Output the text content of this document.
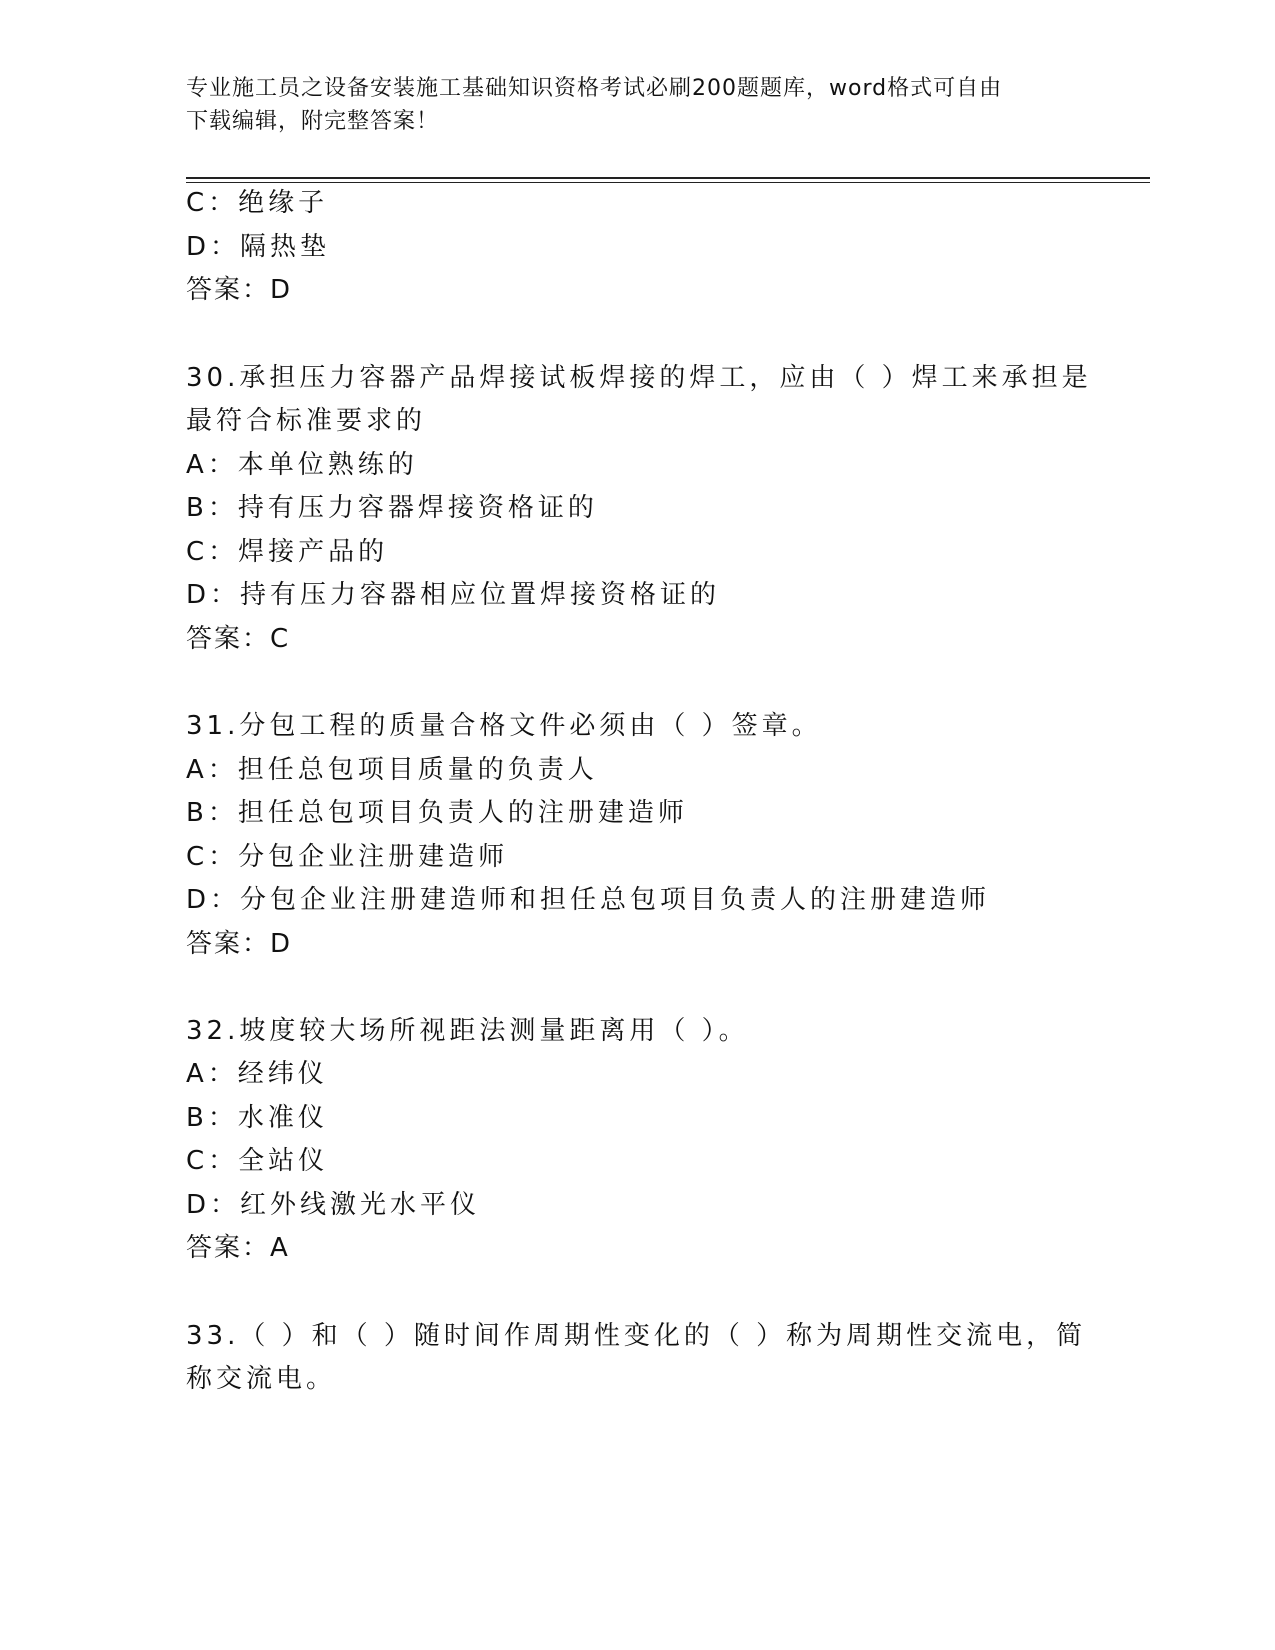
专业施工员之设备安装施工基础知识资格考试必刷200题题库，word格式可自由
下载编辑，附完整答案！
C：绝缘子
D：隔热垫
答案：D
30.承担压力容器产品焊接试板焊接的焊工，应由（ ）焊工来承担是
最符合标准要求的
A：本单位熟练的
B：持有压力容器焊接资格证的
C：焊接产品的
D：持有压力容器相应位置焊接资格证的
答案：C
31.分包工程的质量合格文件必须由（ ）签章。
A：担任总包项目质量的负责人
B：担任总包项目负责人的注册建造师
C：分包企业注册建造师
D：分包企业注册建造师和担任总包项目负责人的注册建造师
答案：D
32.坡度较大场所视距法测量距离用（ ）。
A：经纬仪
B：水准仪
C：全站仪
D：红外线激光水平仪
答案：A
33.（ ）和（ ）随时间作周期性变化的（ ）称为周期性交流电，简
称交流电。
